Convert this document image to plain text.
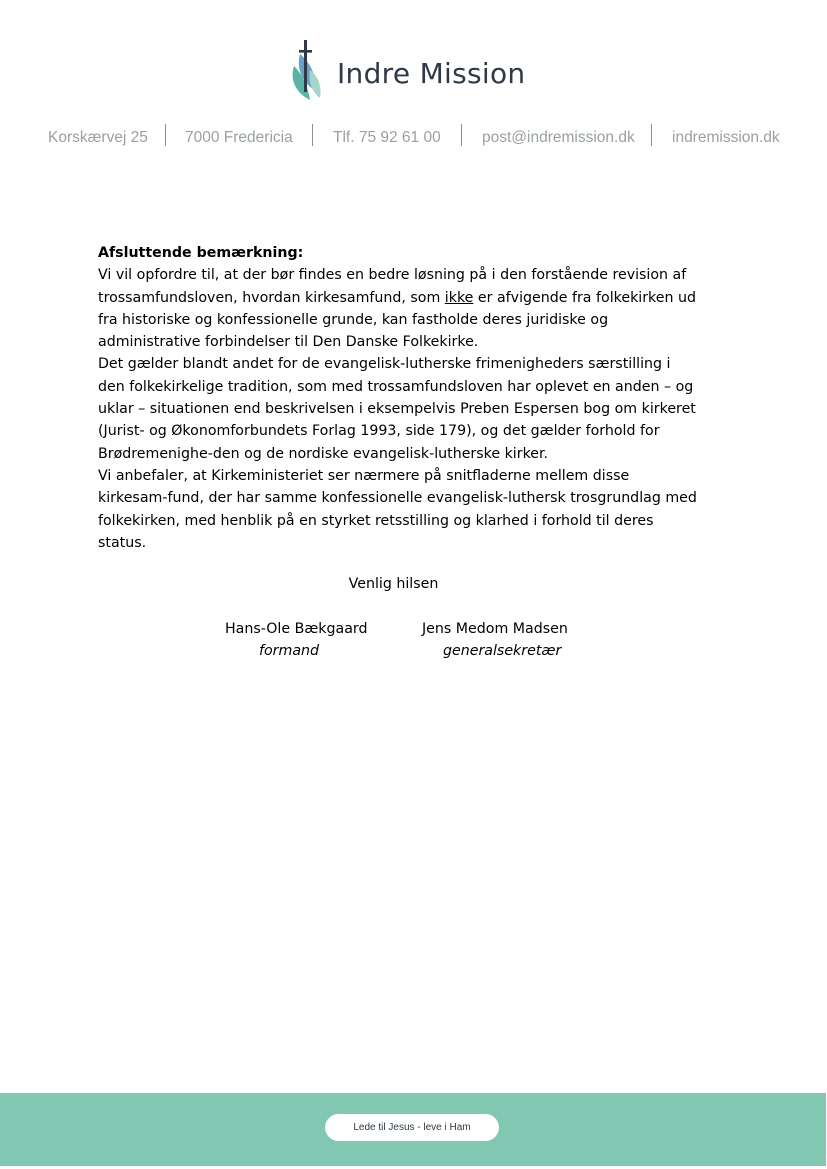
Indre Mission
Korskærvej 25 7000 Fredericia	Tlf. 75 92 61 00	post@indremission.dk indremission.dk

Afsluttende bemærkning:

Vi vil opfordre til, at der bør findes en bedre løsning på i den forstående revision af trossamfundsloven, hvordan kirkesamfund, som ikke er afvigende fra folkekirken ud fra historiske og konfessionelle grunde, kan fastholde deres juridiske og administrative forbindelser til Den Danske Folkekirke.

Det gælder blandt andet for de evangelisk-lutherske frimenigheders særstilling i den folkekirkelige tradition, som med trossamfundsloven har oplevet en anden – og uklar – situationen end beskrivelsen i eksempelvis Preben Espersen bog om kirkeret (Jurist- og Økonomforbundets Forlag 1993, side 179), og det gælder forhold for Brødremenighe-den og de nordiske evangelisk-lutherske kirker.

Vi anbefaler, at Kirkeministeriet ser nærmere på snitfladerne mellem disse kirkesam-fund, der har samme konfessionelle evangelisk-luthersk trosgrundlag med folkekirken, med henblik på en styrket retsstilling og klarhed i forhold til deres status.

Venlig hilsen
Hans-Ole Bækgaard
formand
Jens Medom Madsen
generalsekretær
Lede til Jesus - leve i Ham
